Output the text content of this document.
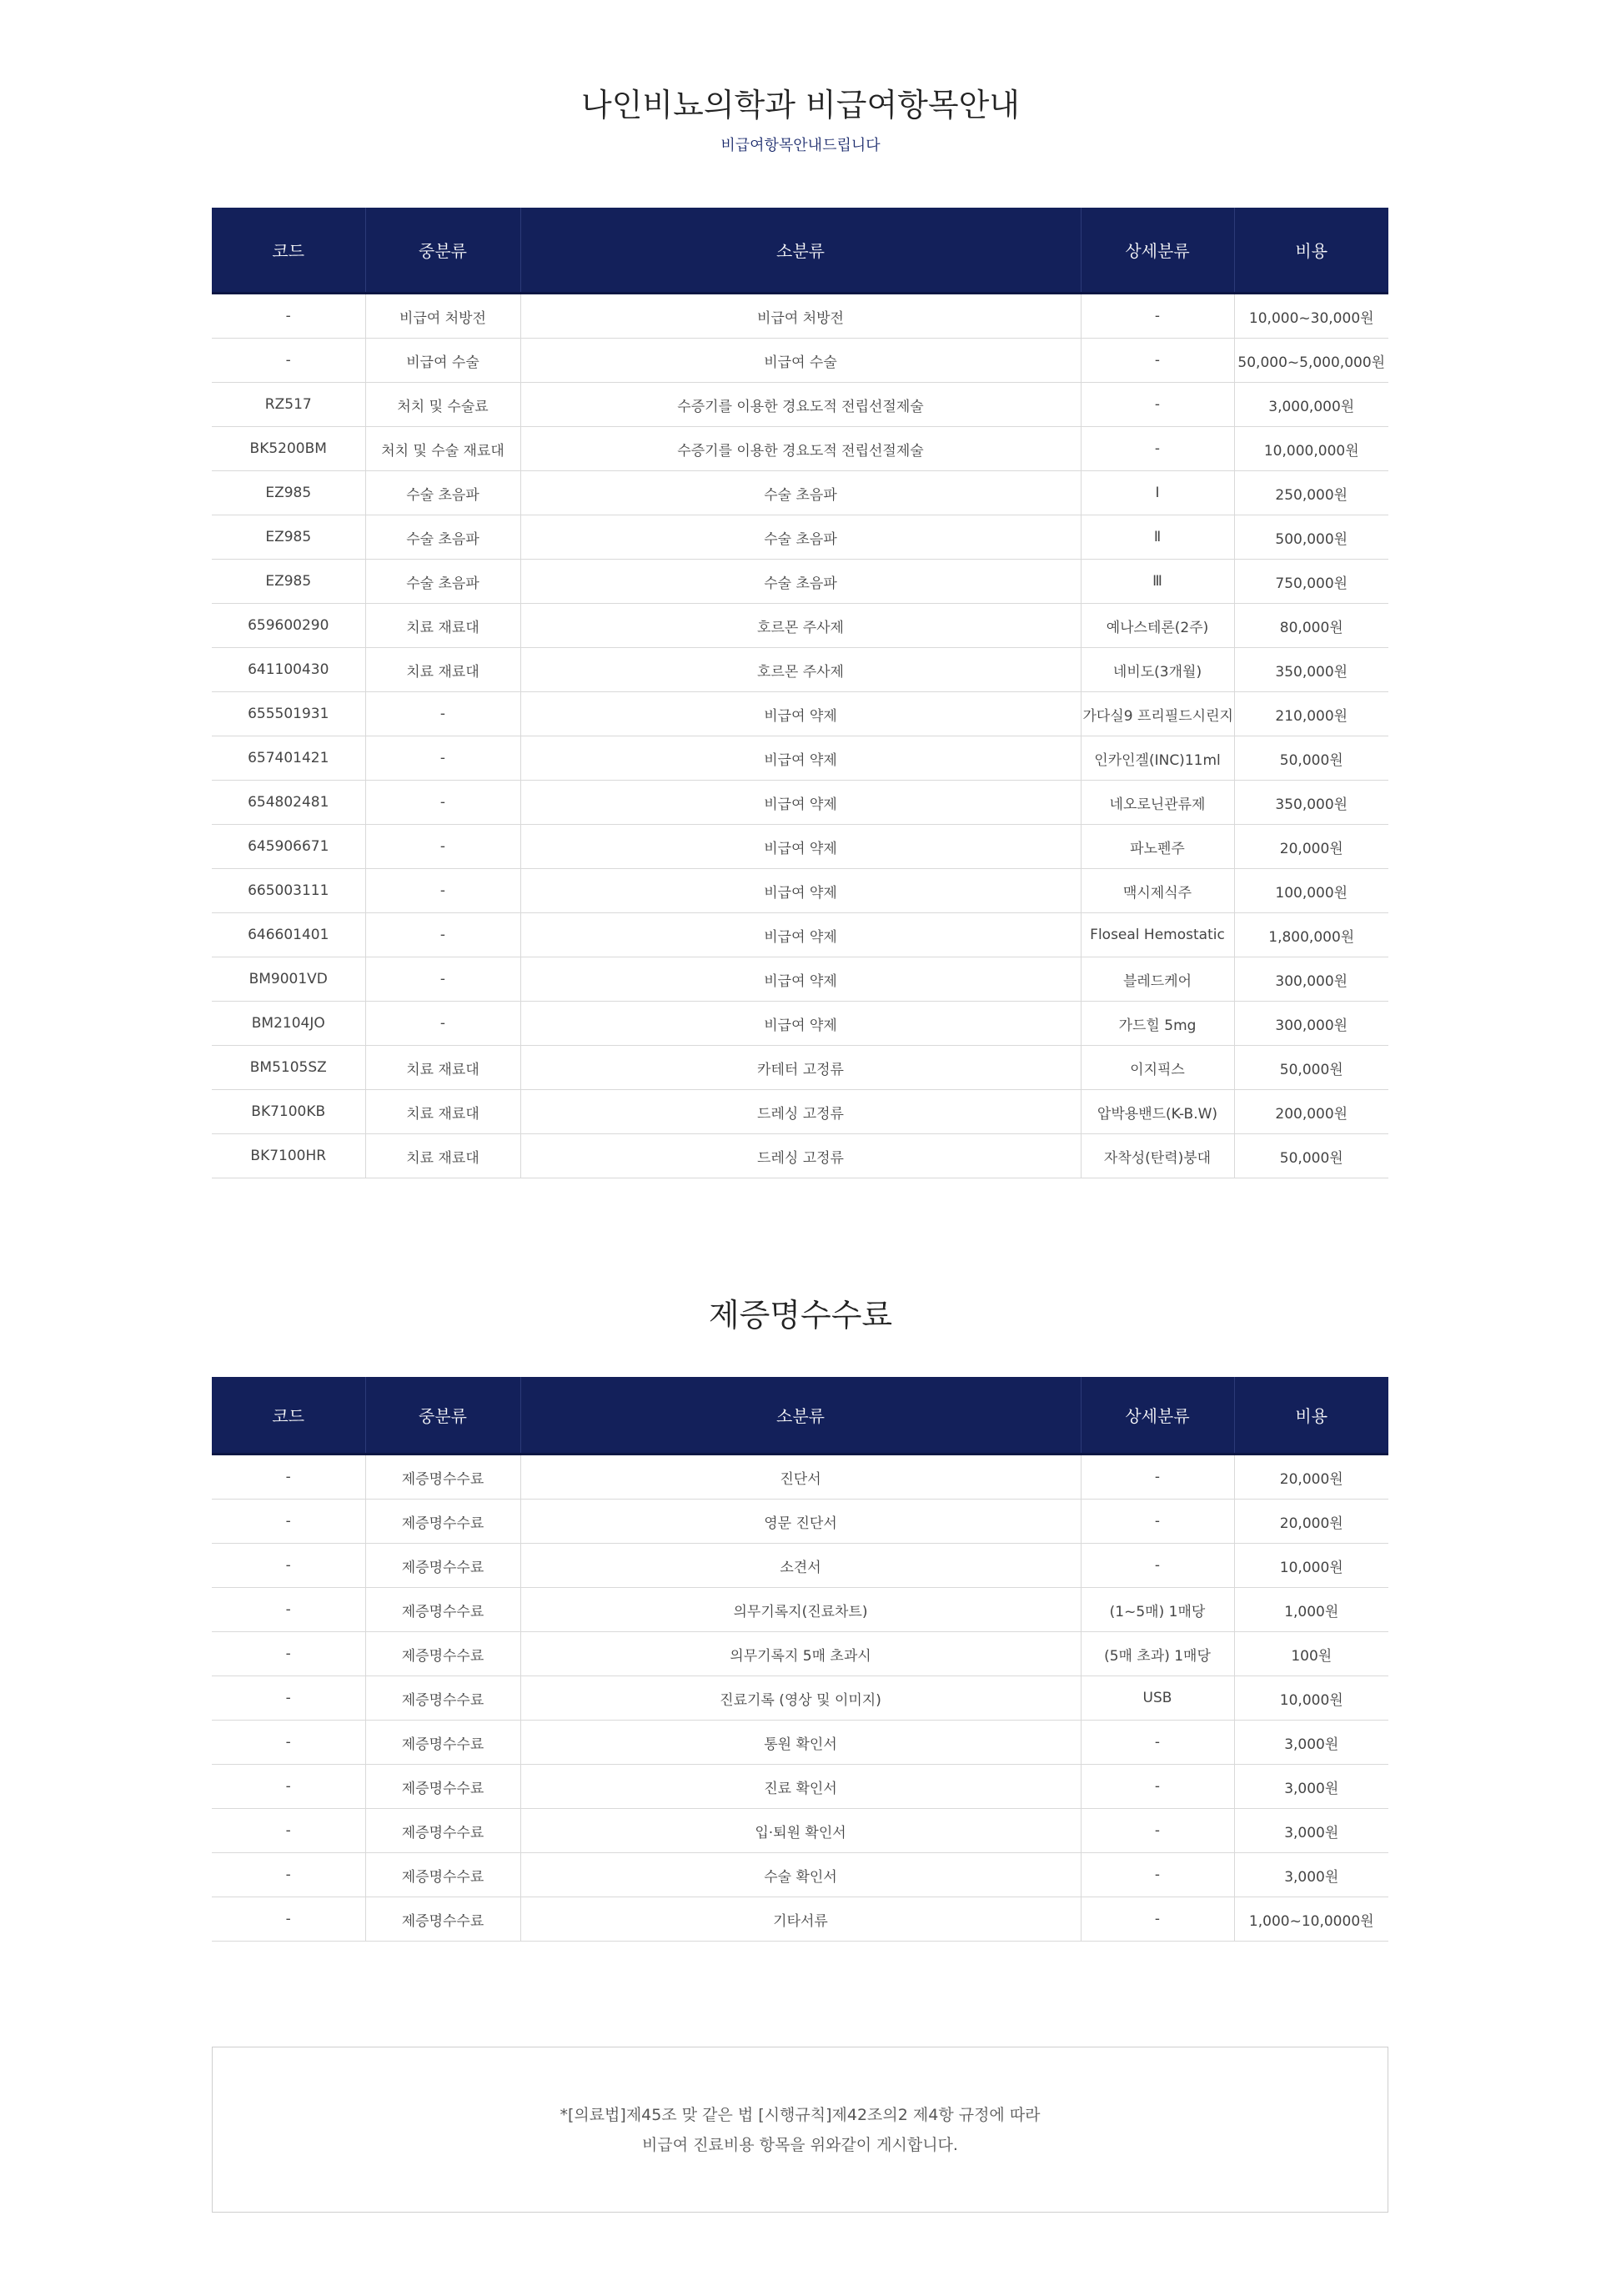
나인비뇨의학과 비급여항목안내

비급여항목안내드립니다

코드	중분류	소분류	상세분류	비용
-	비급여 처방전	비급여 처방전	-	10,000~30,000원
-	비급여 수술	비급여 수술	-	50,000~5,000,000원
RZ517	처치 및 수술료	수증기를 이용한 경요도적 전립선절제술	-	3,000,000원
BK5200BM	처치 및 수술 재료대	수증기를 이용한 경요도적 전립선절제술	-	10,000,000원
EZ985	수술 초음파	수술 초음파	Ⅰ	250,000원
EZ985	수술 초음파	수술 초음파	Ⅱ	500,000원
EZ985	수술 초음파	수술 초음파	Ⅲ	750,000원
659600290	치료 재료대	호르몬 주사제	예나스테론(2주)	80,000원
641100430	치료 재료대	호르몬 주사제	네비도(3개월)	350,000원
655501931	-	비급여 약제	가다실9 프리필드시린지	210,000원
657401421	-	비급여 약제	인카인겔(INC)11ml	50,000원
654802481	-	비급여 약제	네오로닌관류제	350,000원
645906671	-	비급여 약제	파노펜주	20,000원
665003111	-	비급여 약제	맥시제식주	100,000원
646601401	-	비급여 약제	Floseal Hemostatic	1,800,000원
BM9001VD	-	비급여 약제	블레드케어	300,000원
BM2104JO	-	비급여 약제	가드힐 5mg	300,000원
BM5105SZ	치료 재료대	카테터 고정류	이지픽스	50,000원
BK7100KB	치료 재료대	드레싱 고정류	압박용밴드(K-B.W)	200,000원
BK7100HR	치료 재료대	드레싱 고정류	자착성(탄력)붕대	50,000원
제증명수수료
코드	중분류	소분류	상세분류	비용
-	제증명수수료	진단서	-	20,000원
-	제증명수수료	영문 진단서	-	20,000원
-	제증명수수료	소견서	-	10,000원
-	제증명수수료	의무기록지(진료차트)	(1~5매) 1매당	1,000원
-	제증명수수료	의무기록지 5매 초과시	(5매 초과) 1매당	100원
-	제증명수수료	진료기록 (영상 및 이미지)	USB	10,000원
-	제증명수수료	통원 확인서	-	3,000원
-	제증명수수료	진료 확인서	-	3,000원
-	제증명수수료	입·퇴원 확인서	-	3,000원
-	제증명수수료	수술 확인서	-	3,000원
-	제증명수수료	기타서류	-	1,000~10,0000원

*[의료법]제45조 맞 같은 법 [시행규칙]제42조의2 제4항 규정에 따라

비급여 진료비용 항목을 위와같이 게시합니다.
